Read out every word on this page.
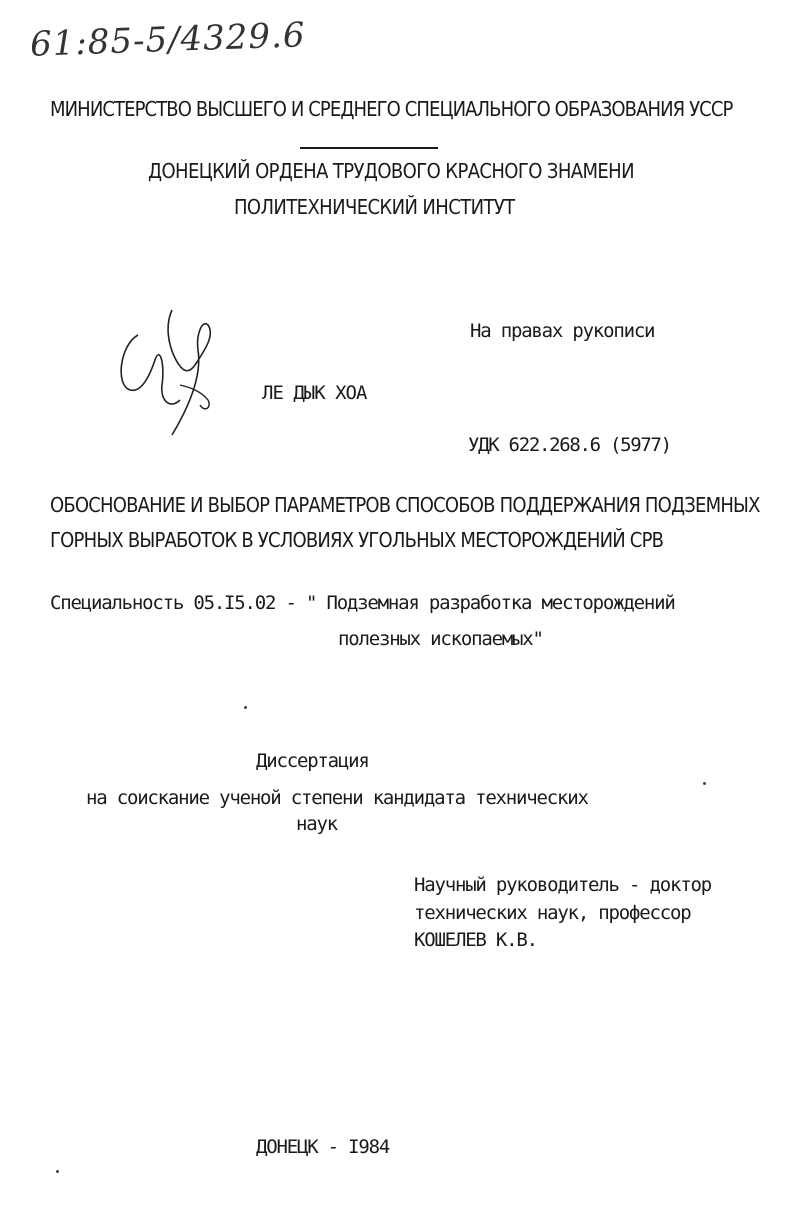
61:85-5/4329.6
МИНИСТЕРСТВО ВЫСШЕГО И СРЕДНЕГО СПЕЦИАЛЬНОГО ОБРАЗОВАНИЯ УССР
ДОНЕЦКИЙ ОРДЕНА ТРУДОВОГО КРАСНОГО ЗНАМЕНИ
ПОЛИТЕХНИЧЕСКИЙ ИНСТИТУТ
На правах рукописи
ЛЕ ДЫК ХОА
УДК 622.268.6 (5977)
ОБОСНОВАНИЕ И ВЫБОР ПАРАМЕТРОВ СПОСОБОВ ПОДДЕРЖАНИЯ ПОДЗЕМНЫХ
ГОРНЫХ ВЫРАБОТОК В УСЛОВИЯХ УГОЛЬНЫХ МЕСТОРОЖДЕНИЙ СРВ
Специальность 05.I5.02 - " Подземная разработка месторождений
полезных ископаемых"
Диссертация
на соискание ученой степени кандидата технических
наук
Научный руководитель - доктор
технических наук, профессор
КОШЕЛЕВ К.В.
ДОНЕЦК - I984
